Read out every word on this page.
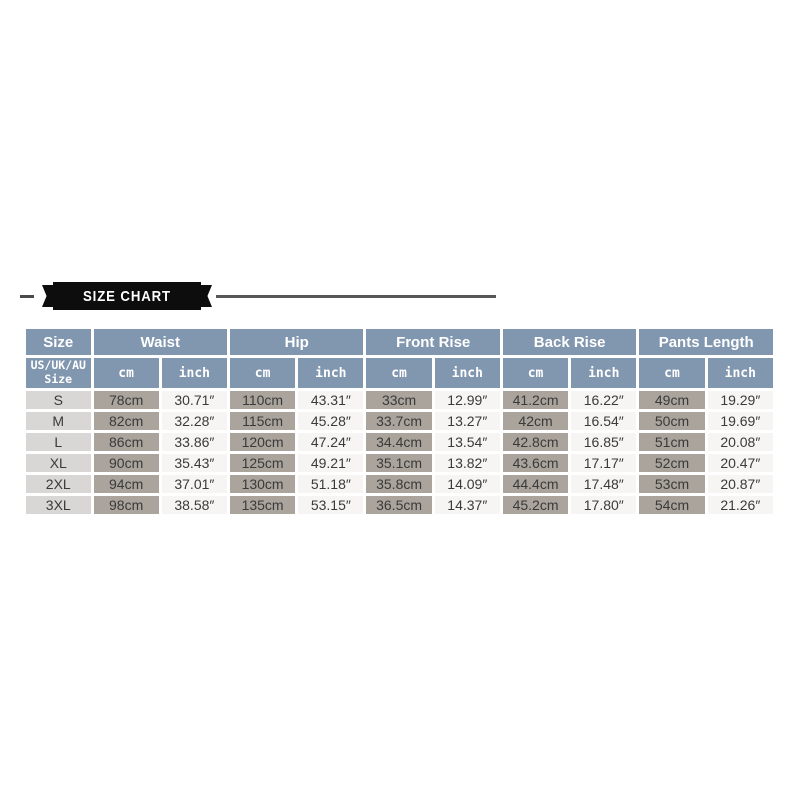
SIZE CHART
Size	Waist		Hip		Front Rise		Back Rise		Pants Length	
US/UK/AU Size	cm	inch	cm	inch	cm	inch	cm	inch	cm	inch
S	78cm	30.71″	110cm	43.31″	33cm	12.99″	41.2cm	16.22″	49cm	19.29″
M	82cm	32.28″	115cm	45.28″	33.7cm	13.27″	42cm	16.54″	50cm	19.69″
L	86cm	33.86″	120cm	47.24″	34.4cm	13.54″	42.8cm	16.85″	51cm	20.08″
XL	90cm	35.43″	125cm	49.21″	35.1cm	13.82″	43.6cm	17.17″	52cm	20.47″
2XL	94cm	37.01″	130cm	51.18″	35.8cm	14.09″	44.4cm	17.48″	53cm	20.87″
3XL	98cm	38.58″	135cm	53.15″	36.5cm	14.37″	45.2cm	17.80″	54cm	21.26″
